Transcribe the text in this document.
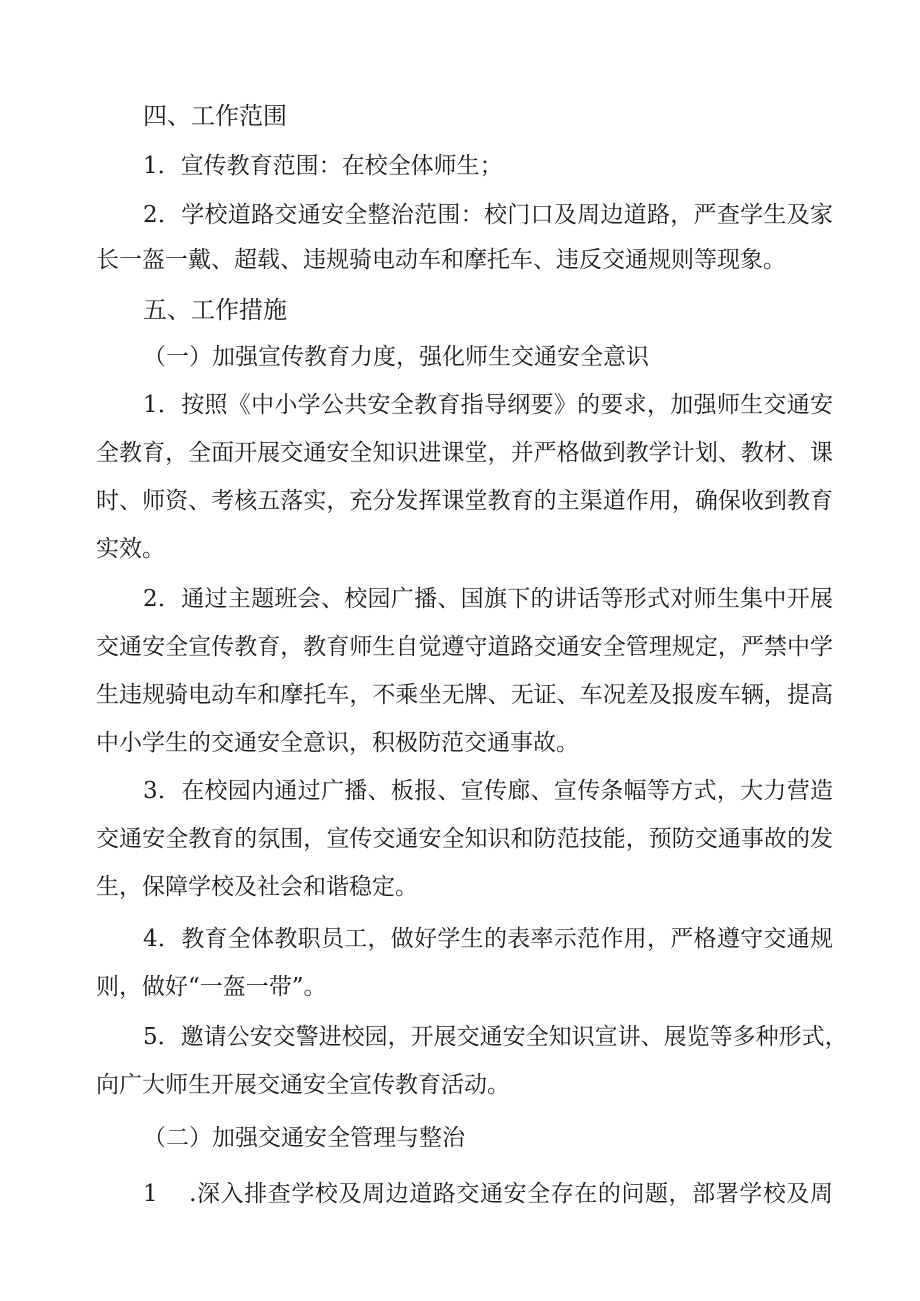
四、工作范围
1．宣传教育范围：在校全体师生；
2．学校道路交通安全整治范围：校门口及周边道路，严查学生及家
长一盔一戴、超载、违规骑电动车和摩托车、违反交通规则等现象。
五、工作措施
（一）加强宣传教育力度，强化师生交通安全意识
1．按照《中小学公共安全教育指导纲要》的要求，加强师生交通安
全教育，全面开展交通安全知识进课堂，并严格做到教学计划、教材、课
时、师资、考核五落实，充分发挥课堂教育的主渠道作用，确保收到教育
实效。
2．通过主题班会、校园广播、国旗下的讲话等形式对师生集中开展
交通安全宣传教育，教育师生自觉遵守道路交通安全管理规定，严禁中学
生违规骑电动车和摩托车，不乘坐无牌、无证、车况差及报废车辆，提高
中小学生的交通安全意识，积极防范交通事故。
3．在校园内通过广播、板报、宣传廊、宣传条幅等方式，大力营造
交通安全教育的氛围，宣传交通安全知识和防范技能，预防交通事故的发
生，保障学校及社会和谐稳定。
4．教育全体教职员工，做好学生的表率示范作用，严格遵守交通规
则，做好“一盔一带”。
5．邀请公安交警进校园，开展交通安全知识宣讲、展览等多种形式，
向广大师生开展交通安全宣传教育活动。
（二）加强交通安全管理与整治
1    .深入排查学校及周边道路交通安全存在的问题，部署学校及周
